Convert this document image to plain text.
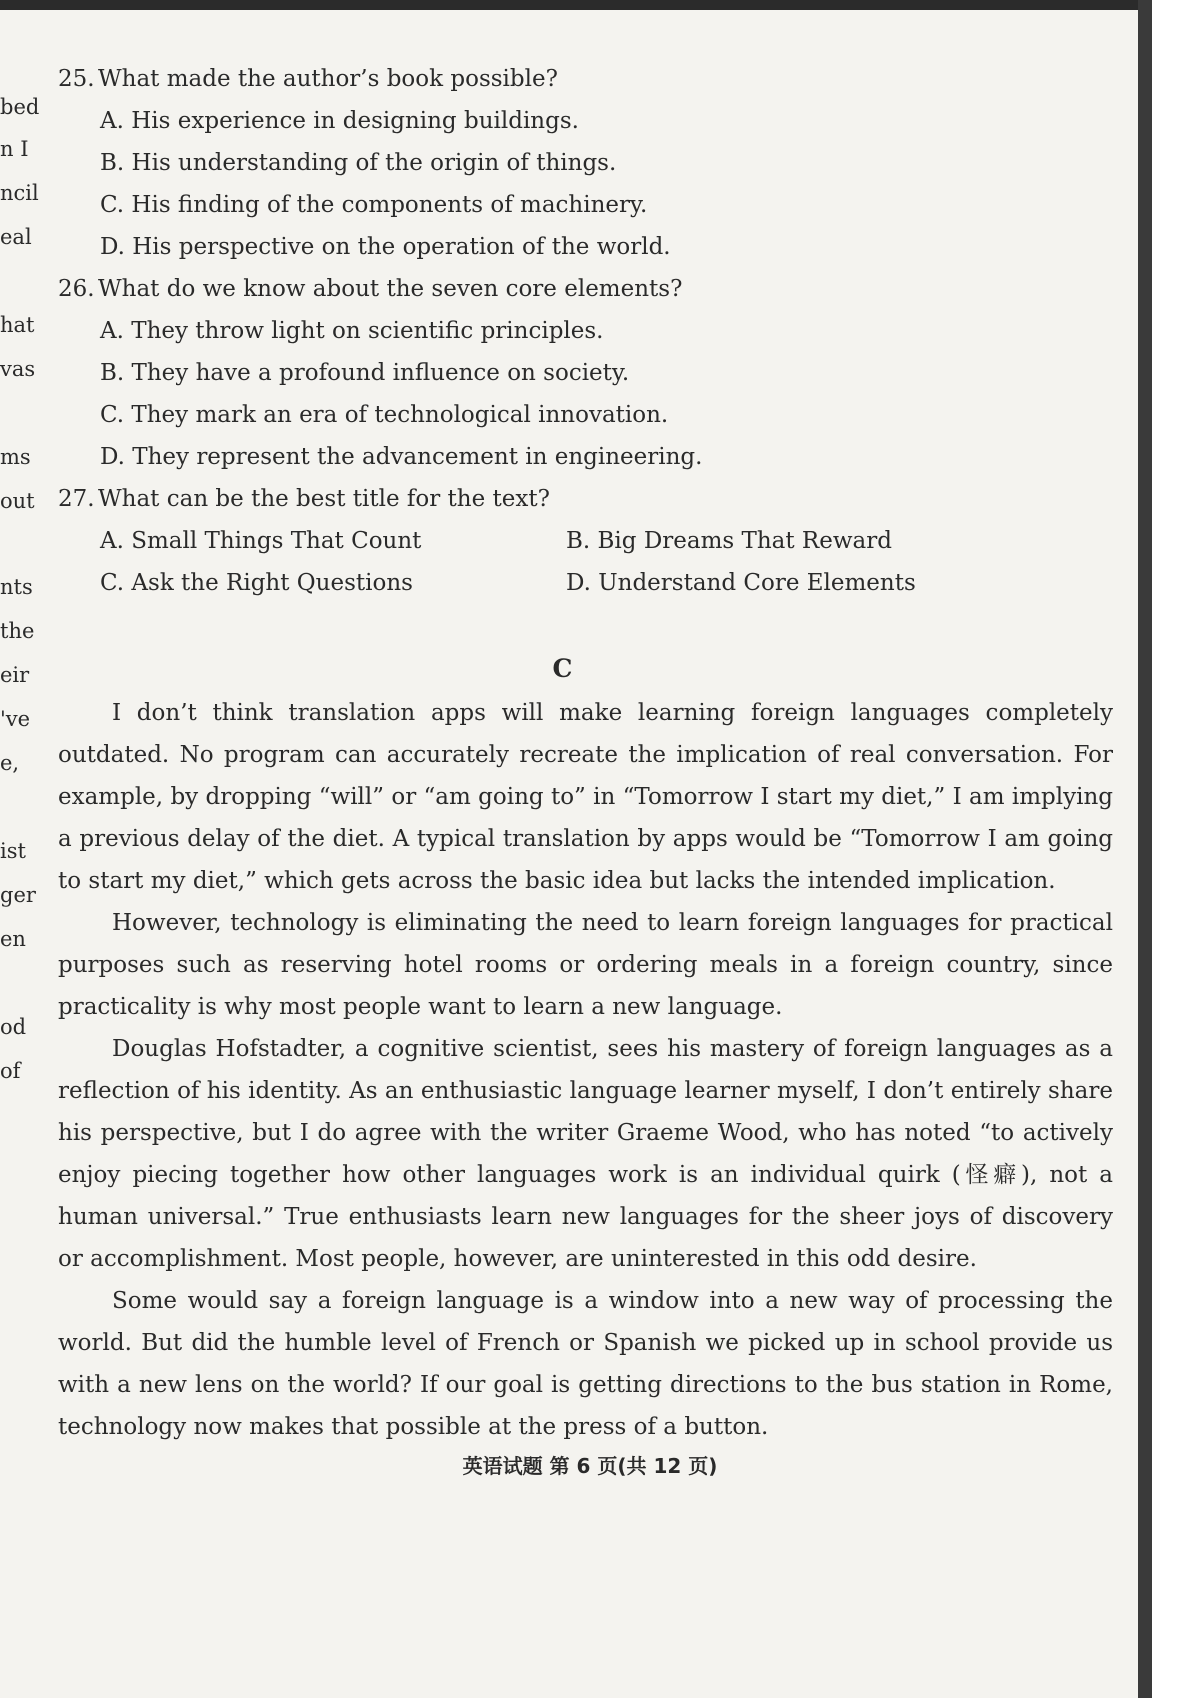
bed
n I
ncil
eal
hat
vas
ms
out
nts
the
eir
've
e,
ist
ger
en
od
of
25. What made the author’s book possible?
A. His experience in designing buildings.
B. His understanding of the origin of things.
C. His finding of the components of machinery.
D. His perspective on the operation of the world.
26. What do we know about the seven core elements?
A. They throw light on scientific principles.
B. They have a profound influence on society.
C. They mark an era of technological innovation.
D. They represent the advancement in engineering.
27. What can be the best title for the text?
A. Small Things That Count	B. Big Dreams That Reward
C. Ask the Right Questions	D. Understand Core Elements
C

I don’t think translation apps will make learning foreign languages completely outdated. No program can accurately recreate the implication of real conversation. For example, by dropping “will” or “am going to” in “Tomorrow I start my diet,” I am implying a previous delay of the diet. A typical translation by apps would be “Tomorrow I am going to start my diet,” which gets across the basic idea but lacks the intended implication.

However, technology is eliminating the need to learn foreign languages for practical purposes such as reserving hotel rooms or ordering meals in a foreign country, since practicality is why most people want to learn a new language.

Douglas Hofstadter, a cognitive scientist, sees his mastery of foreign languages as a reflection of his identity. As an enthusiastic language learner myself, I don’t entirely share his perspective, but I do agree with the writer Graeme Wood, who has noted “to actively enjoy piecing together how other languages work is an individual quirk (怪癖), not a human universal.” True enthusiasts learn new languages for the sheer joys of discovery or accomplishment. Most people, however, are uninterested in this odd desire.

Some would say a foreign language is a window into a new way of processing the world. But did the humble level of French or Spanish we picked up in school provide us with a new lens on the world? If our goal is getting directions to the bus station in Rome, technology now makes that possible at the press of a button.

英语试题 第 6 页(共 12 页)
